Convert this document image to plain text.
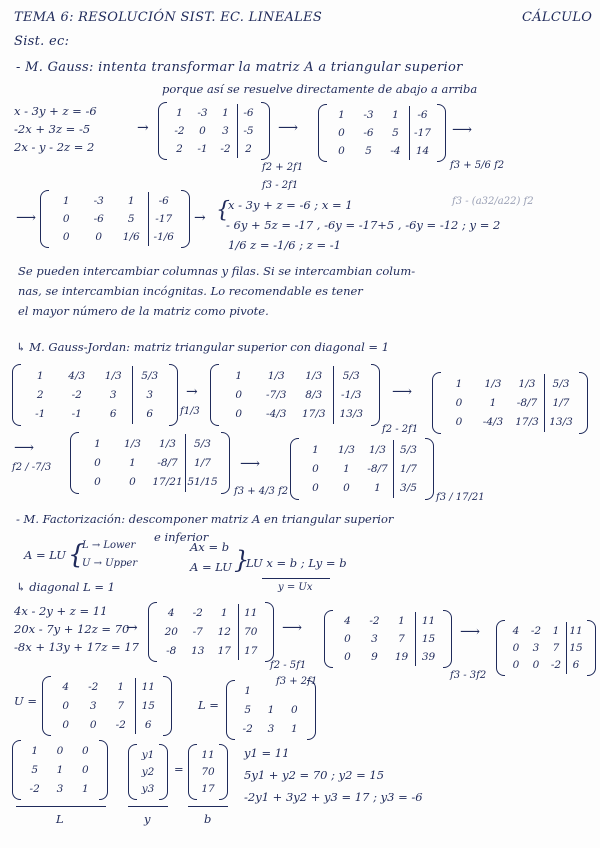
TEMA 6: RESOLUCIÓN SIST. EC. LINEALES	CÁLCULO
Sist. ec:
- M. Gauss: intenta transformar la matriz A a triangular superior
porque así se resuelve directamente de abajo a arriba
x - 3y + z = -6
-2x + 3z = -5
2x - y - 2z = 2
→
1 -3 1 -6
-2 0 3 -5
2 -1 -2 2
⟶
f2 + 2f1
f3 - 2f1
1 -3 1 -6
0 -6 5 -17
0 5 -4 14
⟶
f3 + 5/6 f2
f3 - (a32/a22) f2
⟶
1 -3 1 -6
0 -6 5 -17
0 0 1/6 -1/6
→ {
x - 3y + z = -6 ; x = 1
- 6y + 5z = -17 , -6y = -17+5 , -6y = -12 ; y = 2
1/6 z = -1/6 ; z = -1
Se pueden intercambiar columnas y filas. Si se intercambian colum-
nas, se intercambian incógnitas. Lo recomendable es tener
el mayor número de la matriz como pivote.
↳ M. Gauss-Jordan: matriz triangular superior con diagonal = 1
1 4/3 1/3 5/3
2	-2	3	3
-1	-1	6	6
→
f1/3
1 1/3 1/3 5/3
0 -7/3 8/3 -1/3
0 -4/3 17/3 13/3
⟶
f2 - 2f1
1 1/3 1/3 5/3
0	1 -8/7 1/7
0 -4/3 17/3 13/3
⟶
f2 / -7/3
1 1/3 1/3 5/3
0	1 -8/7 1/7
0	0 17/21 51/15
⟶
f3 + 4/3 f2
1 1/3 1/3 5/3
0 1 -8/7 1/7
0 0 1 3/5
f3 / 17/21
- M. Factorización: descomponer matriz A en triangular superior
e inferior
A = LU {
L → Lower
U → Upper
Ax = b
A = LU }
LU x = b ; Ly = b
y = Ux
↳ diagonal L = 1
4x - 2y + z = 11
20x - 7y + 12z = 70
-8x + 13y + 17z = 17
→
4 -2 1 11
20 -7 12 70
-8 13 17 17
⟶
f2 - 5f1
f3 + 2f1
4 -2 1 11
0 3 7 15
0 9 19 39
⟶
f3 - 3f2
4 -2 1 11
0 3 7 15
0 0 -2 6
U =
4 -2 1 11
0 3 7 15
0 0 -2 6
L =
1
5 1 0
-2 3 1
1 0 0
5 1 0
-2 3 1
y1
y2
y3
=
11
70
17
L	y	b
y1 = 11
5y1 + y2 = 70 ; y2 = 15
-2y1 + 3y2 + y3 = 17 ; y3 = -6
